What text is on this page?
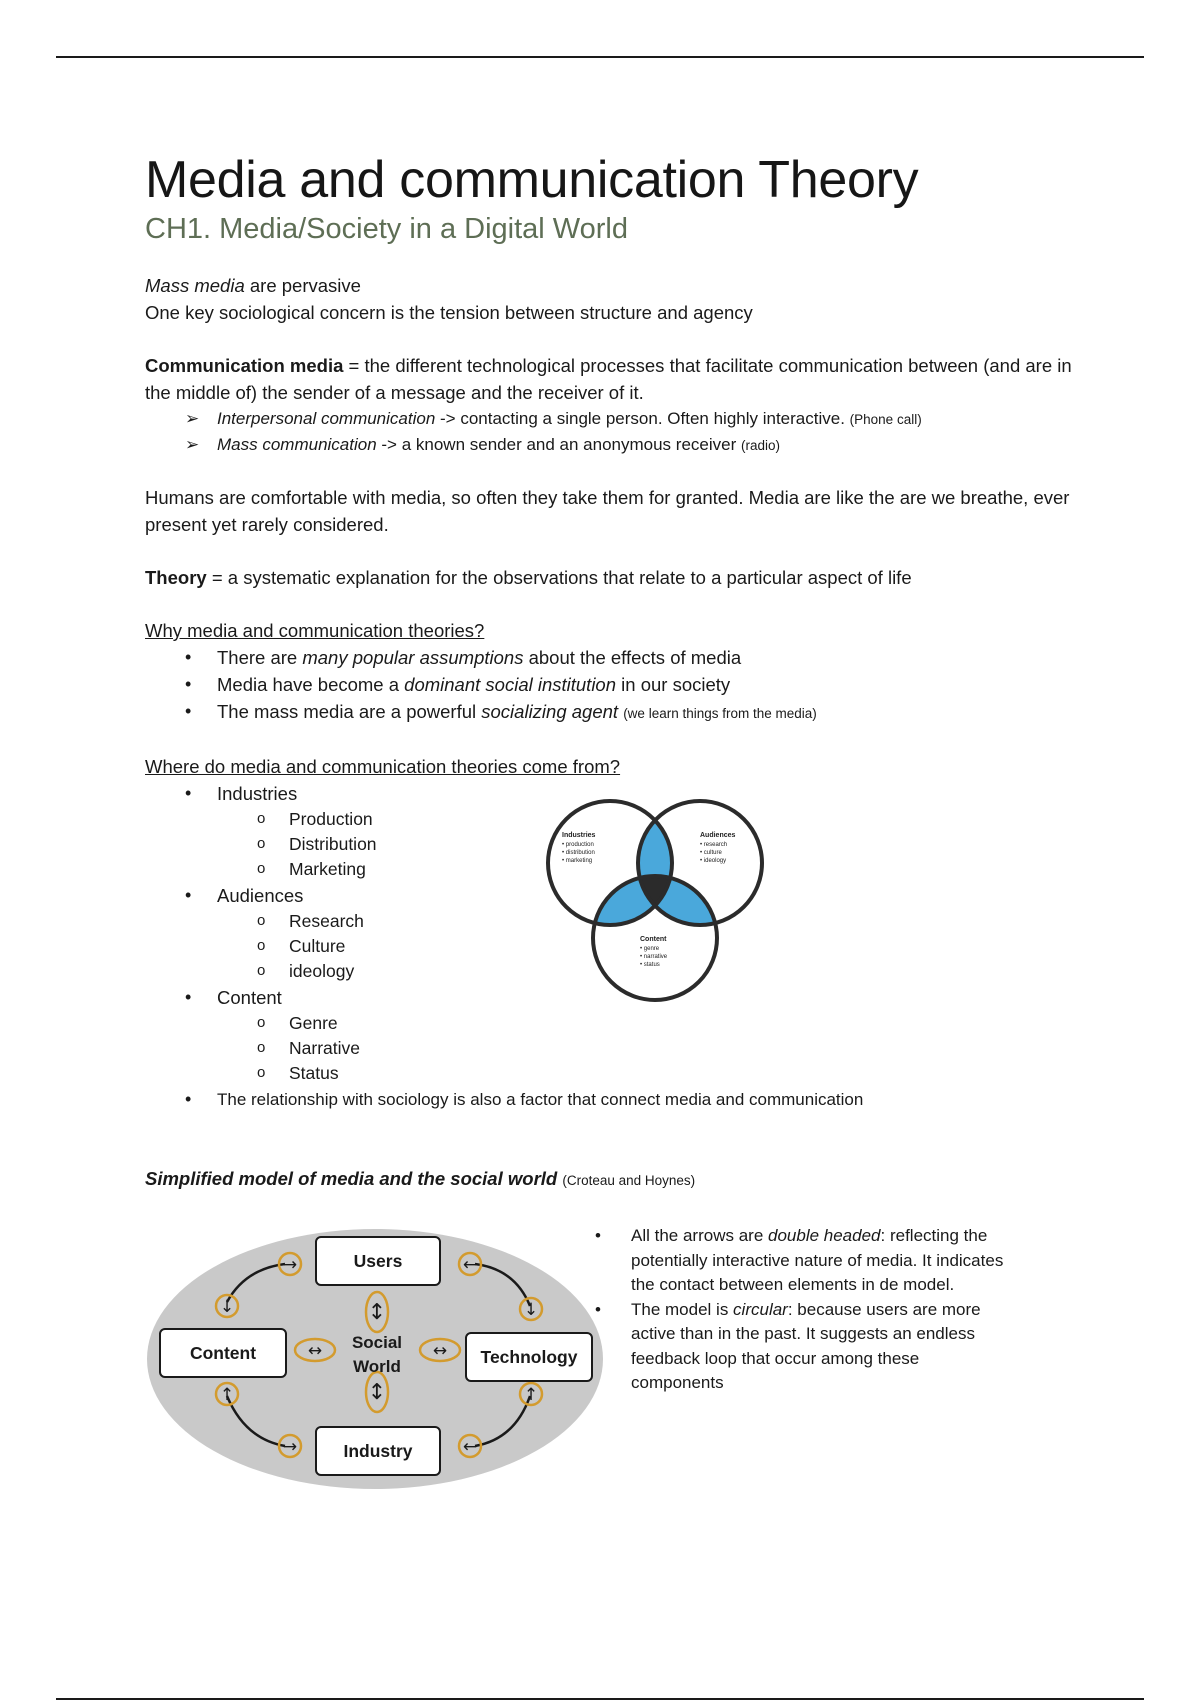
Media and communication Theory
CH1. Media/Society in a Digital World

Mass media are pervasive

One key sociological concern is the tension between structure and agency

Communication media = the different technological processes that facilitate communication between (and are in the middle of) the sender of a message and the receiver of it.

➢ Interpersonal communication -> contacting a single person. Often highly interactive. (Phone call)
➢ Mass communication -> a known sender and an anonymous receiver (radio)

Humans are comfortable with media, so often they take them for granted. Media are like the are we breathe, ever present yet rarely considered.

Theory = a systematic explanation for the observations that relate to a particular aspect of life

Why media and communication theories?
• There are many popular assumptions about the effects of media
• Media have become a dominant social institution in our society
• The mass media are a powerful socializing agent (we learn things from the media)
Where do media and communication theories come from?
• Industries
o Production
o Distribution
o Marketing
• Audiences
o Research
o Culture
o ideology
• Content
o Genre
o Narrative
o Status
• The relationship with sociology is also a factor that connect media and communication
Industries
• production
• distribution
• marketing
Audiences
• research
• culture
• ideology
Content
• genre
• narrative
• status
Simplified model of media and the social world (Croteau and Hoynes)
↓
→	←
↓
↑
→	←
↑
↔	↔
↕
↕
Users
Content	Technology
Industry
Social
World
• All the arrows are double headed: reflecting the potentially interactive nature of media. It indicates the contact between elements in de model.
• The model is circular: because users are more active than in the past. It suggests an endless feedback loop that occur among these components
